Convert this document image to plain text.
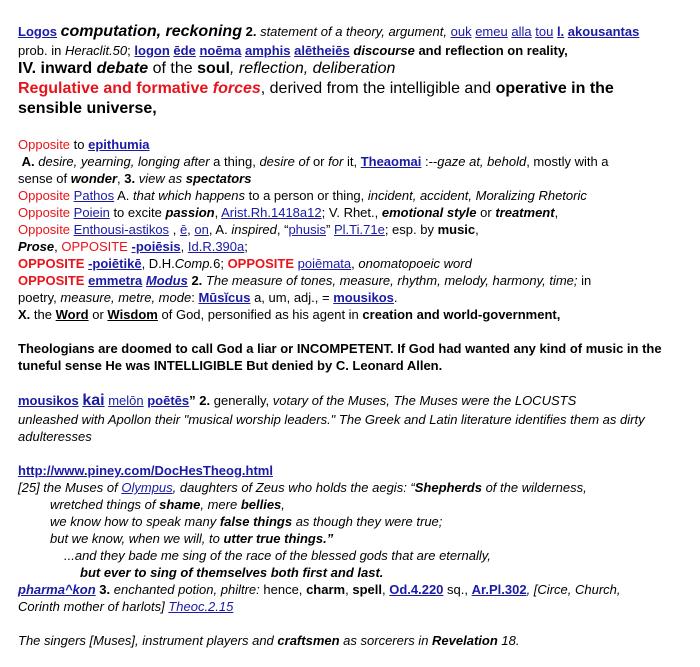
Logos computation, reckoning 2. statement of a theory, argument, ouk emeu alla tou l. akousantas
prob. in Heraclit.50; logon ēde noēma amphis alētheiēs discourse and reflection on reality,
IV. inward debate of the soul, reflection, deliberation
Regulative and formative forces, derived from the intelligible and operative in the
sensible universe,
Opposite to epithumia
A. desire, yearning, longing after a thing, desire of or for it, Theaomai :--gaze at, behold, mostly with a
sense of wonder, 3. view as spectators
Opposite Pathos A. that which happens to a person or thing, incident, accident, Moralizing Rhetoric
Opposite Poiein to excite passion, Arist.Rh.1418a12; V. Rhet., emotional style or treatment,
Opposite Enthousi-astikos , ē, on, A. inspired, “phusis” Pl.Ti.71e; esp. by music,
Prose, OPPOSITE -poiēsis, Id.R.390a;
OPPOSITE -poiētikē, D.H.Comp.6; OPPOSITE poiēmata, onomatopoeic word
OPPOSITE emmetra Modus 2. The measure of tones, measure, rhythm, melody, harmony, time; in
poetry, measure, metre, mode: Mūsĭcus a, um, adj., = mousikos.
X. the Word or Wisdom of God, personified as his agent in creation and world-government,
Theologians are doomed to call God a liar or INCOMPETENT. If God had wanted any kind of music in the tuneful sense He was INTELLIGIBLE But denied by C. Leonard Allen.
mousikos kai melōn poētēs” 2. generally, votary of the Muses, The Muses were the LOCUSTS
unleashed with Apollon their "musical worship leaders." The Greek and Latin literature identifies them as dirty adulteresses
http://www.piney.com/DocHesTheog.html
[25] the Muses of Olympus, daughters of Zeus who holds the aegis: “Shepherds of the wilderness,
wretched things of shame, mere bellies,
we know how to speak many false things as though they were true;
but we know, when we will, to utter true things.”
...and they bade me sing of the race of the blessed gods that are eternally,
but ever to sing of themselves both first and last.
pharma^kon 3. enchanted potion, philtre: hence, charm, spell, Od.4.220 sq., Ar.Pl.302, [Circe, Church,
Corinth mother of harlots] Theoc.2.15
The singers [Muses], instrument players and craftsmen as sorcerers in Revelation 18.
